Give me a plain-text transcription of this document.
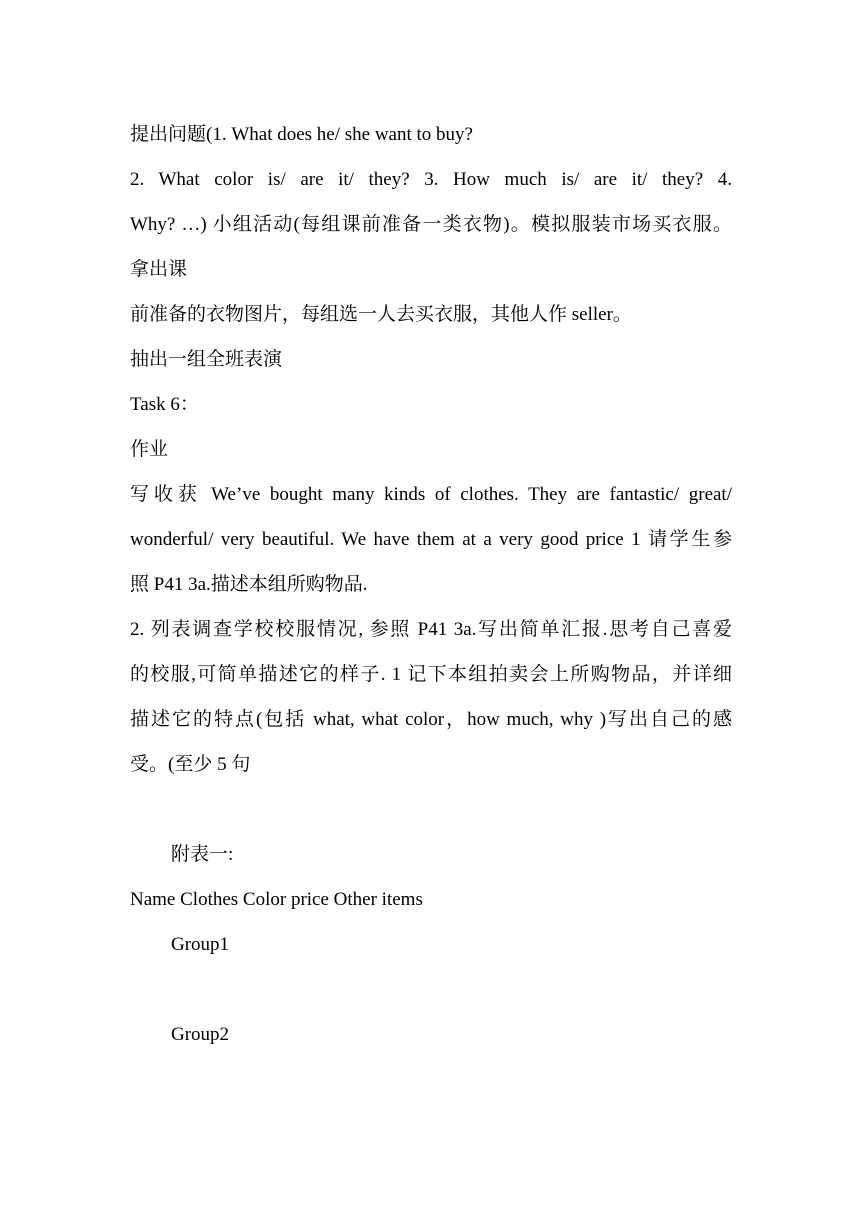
提出问题(1. What does he/ she want to buy?

2. What color is/ are it/ they? 3. How much is/ are it/ they? 4.

Why? …) 小组活动(每组课前准备一类衣物)。模拟服装市场买衣服。

拿出课

前准备的衣物图片，每组选一人去买衣服，其他人作 seller。

抽出一组全班表演

Task 6：

作业

写收获 We’ve bought many kinds of clothes. They are fantastic/ great/

wonderful/ very beautiful. We have them at a very good price 1 请学生参

照 P41 3a.描述本组所购物品.

2. 列表调查学校校服情况, 参照 P41 3a.写出简单汇报.思考自己喜爱

的校服,可简单描述它的样子. 1 记下本组拍卖会上所购物品，并详细

描述它的特点(包括 what, what color，how much, why )写出自己的感

受。(至少 5 句

附表一:

Name Clothes Color price Other items

Group1

Group2
